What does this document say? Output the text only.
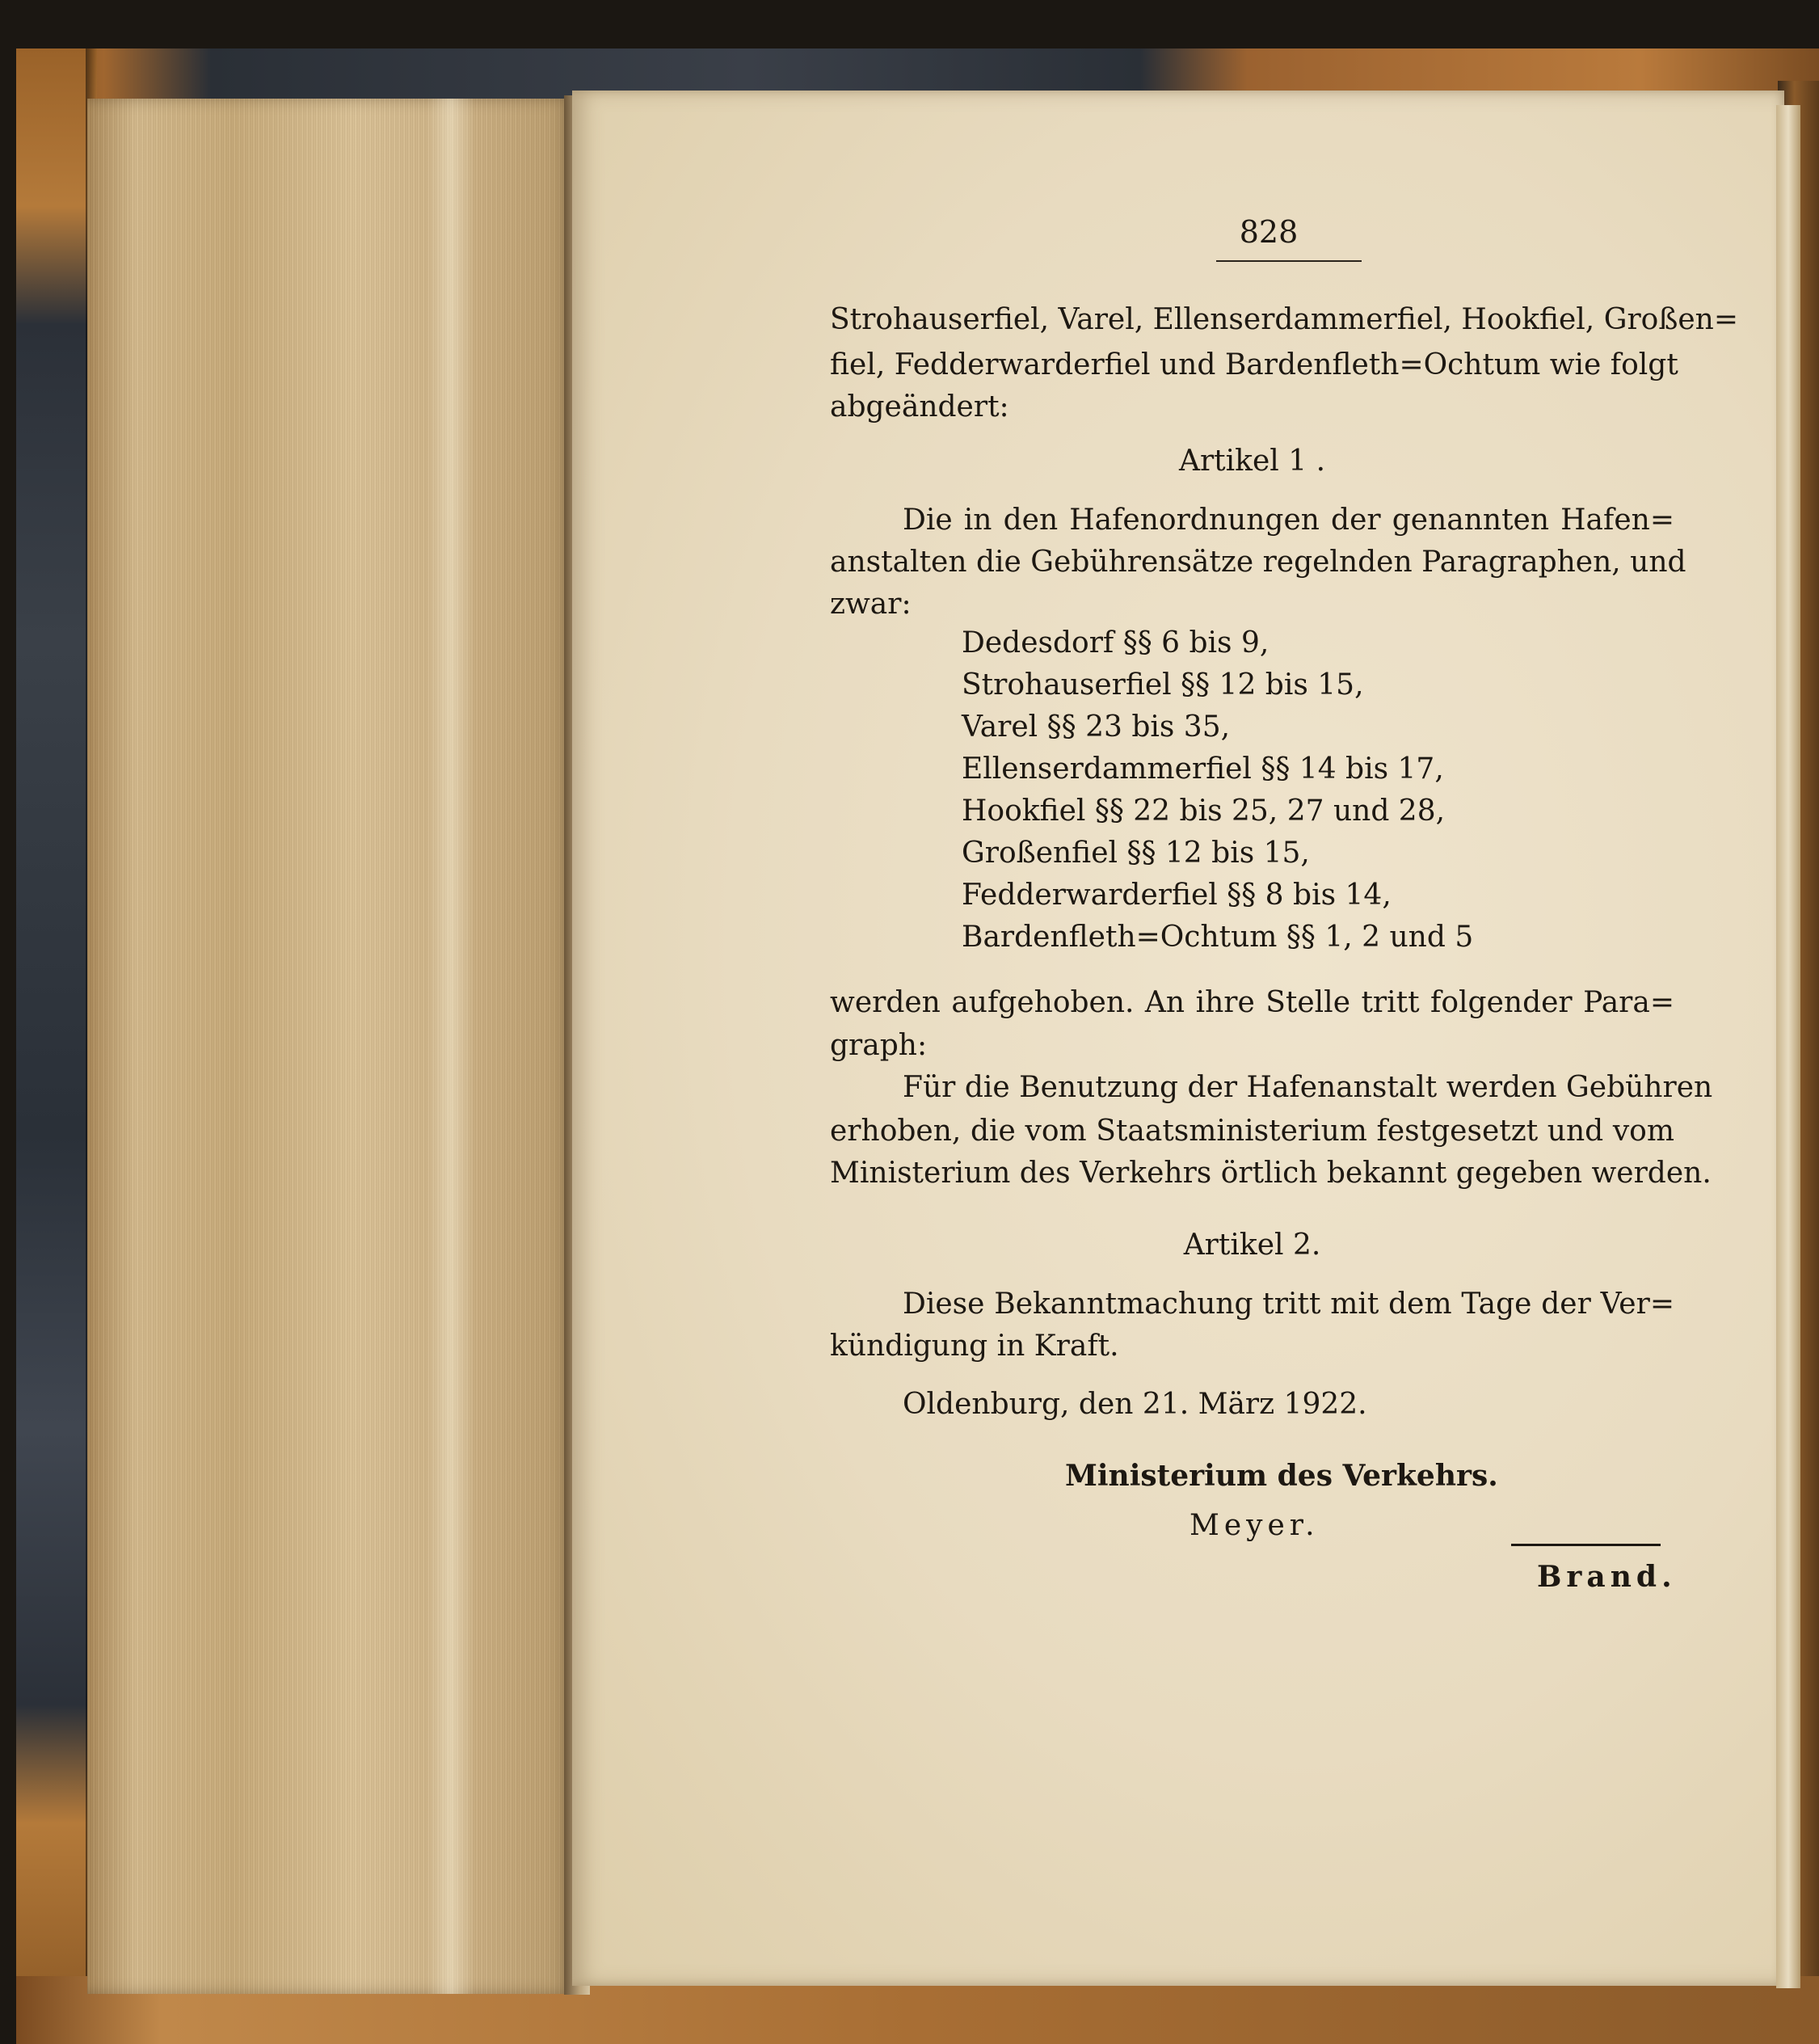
828
Strohauserfiel, Varel, Ellenserdammerfiel, Hookfiel, Großen=
fiel, Fedderwarderfiel und Bardenfleth=Ochtum wie folgt
abgeändert:
Artikel 1 .
Die in den Hafenordnungen der genannten Hafen=
anstalten die Gebührensätze regelnden Paragraphen, und
zwar:
Dedesdorf §§ 6 bis 9,
Strohauserfiel §§ 12 bis 15,
Varel §§ 23 bis 35,
Ellenserdammerfiel §§ 14 bis 17,
Hookfiel §§ 22 bis 25, 27 und 28,
Großenfiel §§ 12 bis 15,
Fedderwarderfiel §§ 8 bis 14,
Bardenfleth=Ochtum §§ 1, 2 und 5
werden aufgehoben. An ihre Stelle tritt folgender Para=
graph:
Für die Benutzung der Hafenanstalt werden Gebühren
erhoben, die vom Staatsministerium festgesetzt und vom
Ministerium des Verkehrs örtlich bekannt gegeben werden.
Artikel 2.
Diese Bekanntmachung tritt mit dem Tage der Ver=
kündigung in Kraft.
Oldenburg, den 21. März 1922.
Ministerium des Verkehrs.
Meyer.
Brand.
